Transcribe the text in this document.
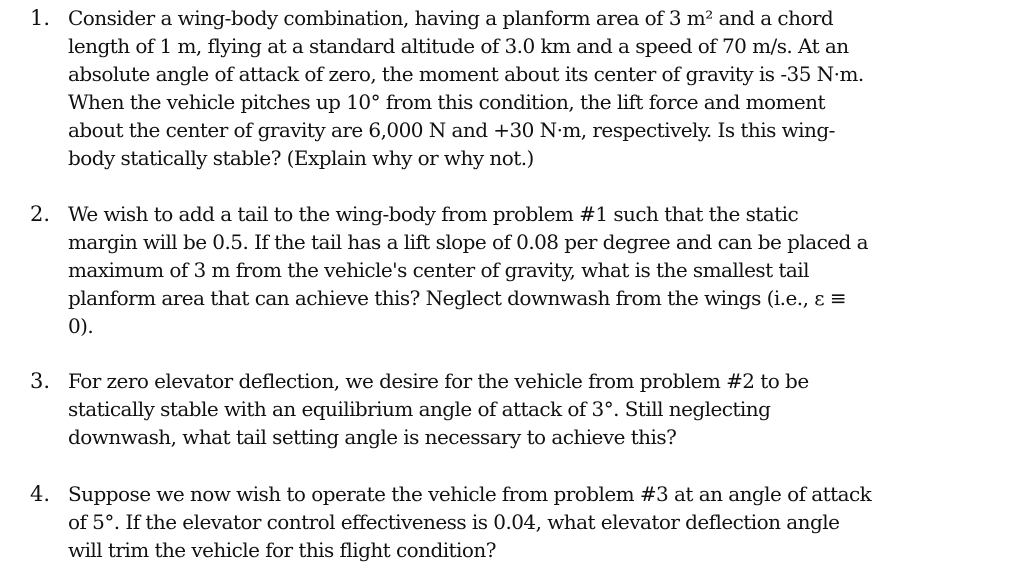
1. Consider a wing-body combination, having a planform area of 3 m² and a chord
length of 1 m, flying at a standard altitude of 3.0 km and a speed of 70 m/s. At an
absolute angle of attack of zero, the moment about its center of gravity is -35 N·m.
When the vehicle pitches up 10° from this condition, the lift force and moment
about the center of gravity are 6,000 N and +30 N·m, respectively. Is this wing-
body statically stable? (Explain why or why not.)
2. We wish to add a tail to the wing-body from problem #1 such that the static
margin will be 0.5. If the tail has a lift slope of 0.08 per degree and can be placed a
maximum of 3 m from the vehicle's center of gravity, what is the smallest tail
planform area that can achieve this? Neglect downwash from the wings (i.e., ε ≡
0).
3. For zero elevator deflection, we desire for the vehicle from problem #2 to be
statically stable with an equilibrium angle of attack of 3°. Still neglecting
downwash, what tail setting angle is necessary to achieve this?
4. Suppose we now wish to operate the vehicle from problem #3 at an angle of attack
of 5°. If the elevator control effectiveness is 0.04, what elevator deflection angle
will trim the vehicle for this flight condition?
